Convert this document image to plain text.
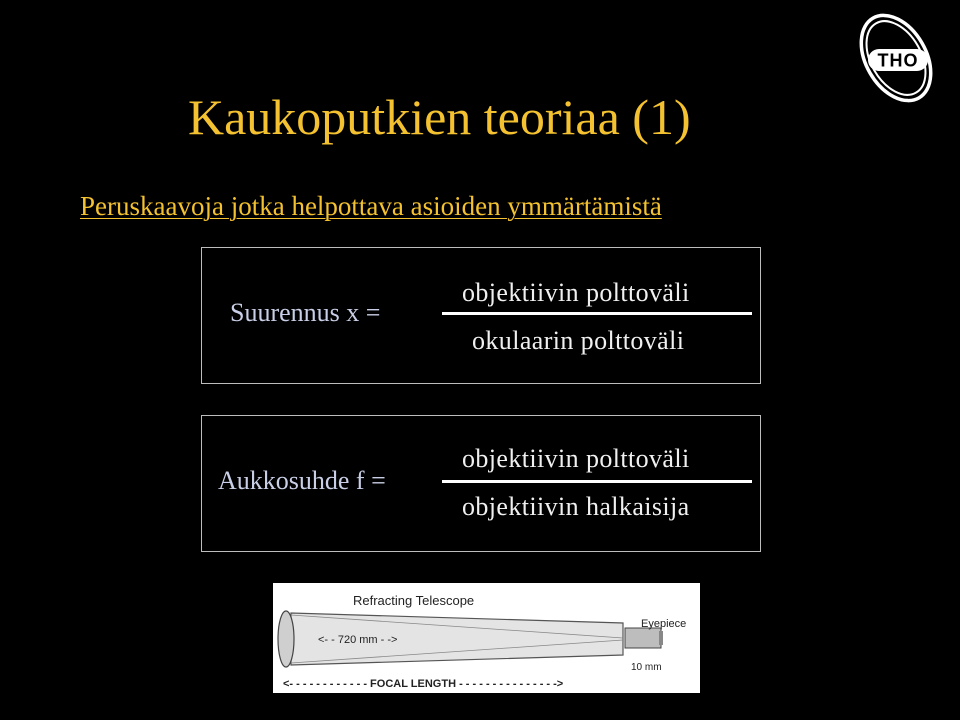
THO
Kaukoputkien teoriaa (1)
Peruskaavoja jotka helpottava asioiden ymmärtämistä
Suurennus x =
objektiivin polttoväli
okulaarin polttoväli
Aukkosuhde f =
objektiivin polttoväli
objektiivin halkaisija
Refracting Telescope
<- - 720 mm - ->
Eyepiece
10 mm
<- - - - - - - - - - - - FOCAL LENGTH - - - - - - - - - - - - - - ->
